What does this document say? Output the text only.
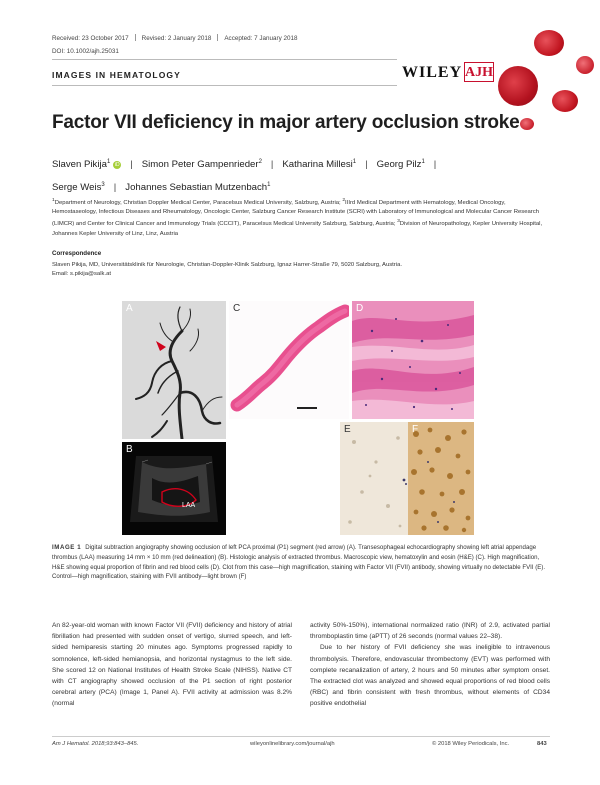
Received: 23 October 2017 Revised: 2 January 2018 Accepted: 7 January 2018
DOI: 10.1002/ajh.25031
IMAGES IN HEMATOLOGY	WILEY AJH
Factor VII deficiency in major artery occlusion stroke
Slaven Pikija$^1$iD | Simon Peter Gampenrieder$^2$ | Katharina Millesi$^1$ | Georg Pilz$^1$ |
Serge Weis$^3$ | Johannes Sebastian Mutzenbach$^1$

$^1$Department of Neurology, Christian Doppler Medical Center, Paracelsus Medical University, Salzburg, Austria; $^2$IIIrd Medical Department with Hematology, Medical Oncology, Hemostaseology, Infectious Diseases and Rheumatology, Oncologic Center, Salzburg Cancer Research Institute (SCRI) with Laboratory of Immunological and Molecular Cancer Research (LIMCR) and Center for Clinical Cancer and Immunology Trials (CCCIT), Paracelsus Medical University Salzburg, Salzburg, Austria; $^3$Division of Neuropathology, Kepler University Hospital, Johannes Kepler University of Linz, Linz, Austria

Correspondence

Slaven Pikija, MD, Universitätsklinik für Neurologie, Christian-Doppler-Klinik Salzburg, Ignaz Harrer-Straße 79, 5020 Salzburg, Austria.

Email: s.pikija@salk.at

A
B
LAA
C	D
E	F
IMAGE 1 Digital subtraction angiography showing occlusion of left PCA proximal (P1) segment (red arrow) (A). Transesophageal echocardiography showing left atrial appendage thrombus (LAA) measuring 14 mm × 10 mm (red delineation) (B). Histologic analysis of extracted thrombus. Macroscopic view, hematoxylin and eosin (H&E) (C). High magnification, H&E showing equal proportion of fibrin and red blood cells (D). Clot from this case—high magnification, staining with Factor VII (FVII) antibody, showing virtually no detectable FVII (E). Control—high magnification, staining with FVII antibody—light brown (F)

An 82-year-old woman with known Factor VII (FVII) deficiency and history of atrial fibrillation had presented with sudden onset of vertigo, slurred speech, and left-sided hemiparesis starting 20 minutes ago. Symptoms progressed rapidly to somnolence, left-sided hemianopsia, and horizontal nystagmus to the left side. She scored 12 on National Institutes of Health Stroke Scale (NIHSS). Native CT with CT angiography showed occlusion of the P1 section of right posterior cerebral artery (PCA) (Image 1, Panel A). FVII activity at admission was 8.2% (normal

activity 50%-150%), international normalized ratio (INR) of 2.9, activated partial thromboplastin time (aPTT) of 26 seconds (normal values 22–38).

Due to her history of FVII deficiency she was ineligible to intravenous thrombolysis. Therefore, endovascular thrombectomy (EVT) was performed with complete recanalization of artery, 2 hours and 50 minutes after symptom onset. The extracted clot was analyzed and showed equal proportions of red blood cells (RBC) and fibrin consistent with fresh thrombus, without elements of CD34 positive endothelial

Am J Hematol. 2018;93:843–845.	wileyonlinelibrary.com/journal/ajh	© 2018 Wiley Periodicals, Inc.	843
